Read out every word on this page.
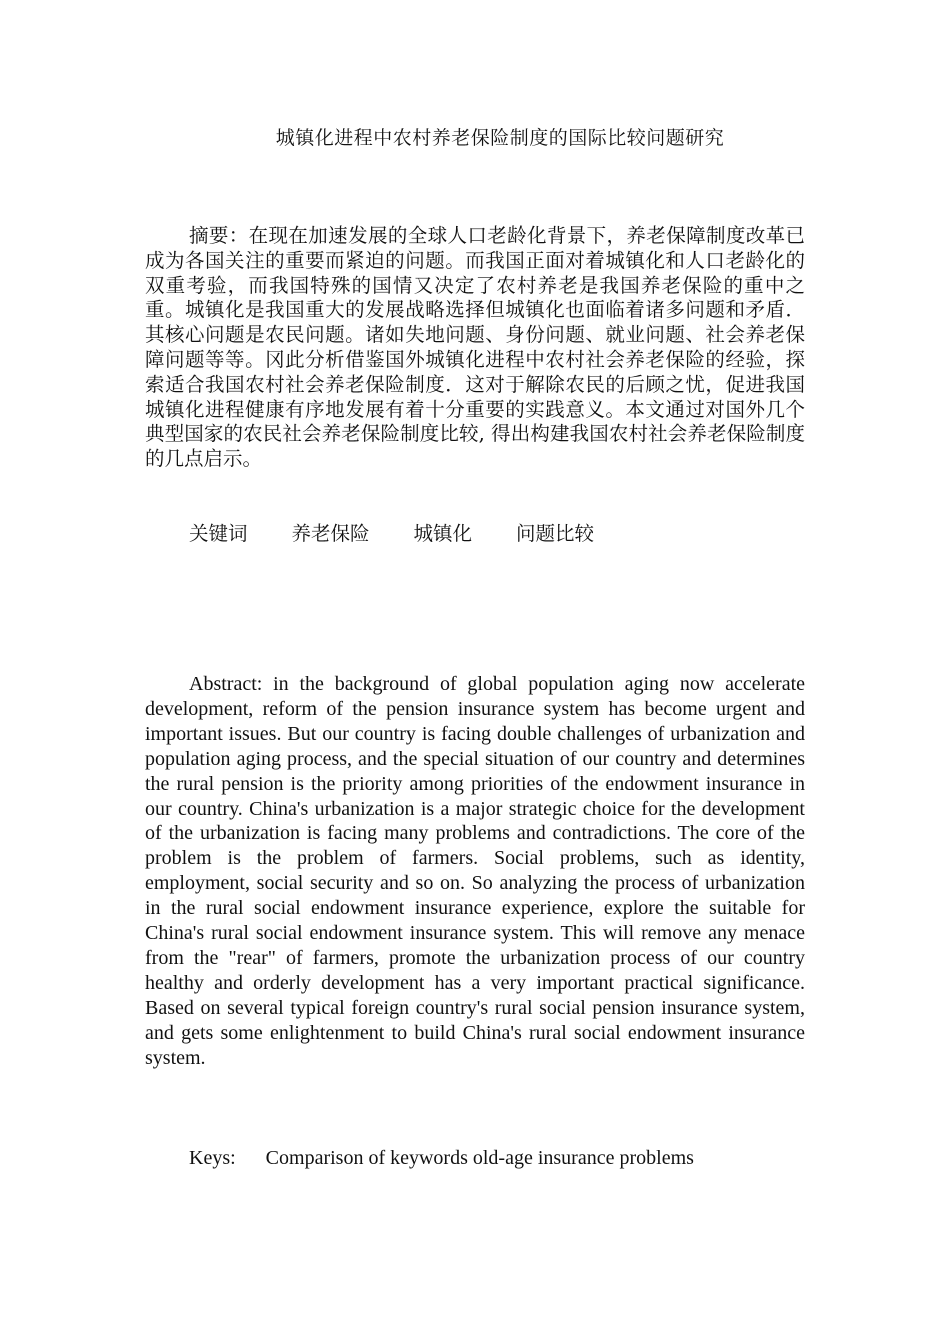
城镇化进程中农村养老保险制度的国际比较问题研究

摘要：在现在加速发展的全球人口老龄化背景下，养老保障制度改革已成为各国关注的重要而紧迫的问题。而我国正面对着城镇化和人口老龄化的双重考验，而我国特殊的国情又决定了农村养老是我国养老保险的重中之重。城镇化是我国重大的发展战略选择但城镇化也面临着诸多问题和矛盾．其核心问题是农民问题。诸如失地问题、身份问题、就业问题、社会养老保障问题等等。冈此分析借鉴国外城镇化进程中农村社会养老保险的经验，探索适合我国农村社会养老保险制度．这对于解除农民的后顾之忧，促进我国城镇化进程健康有序地发展有着十分重要的实践意义。本文通过对国外几个典型国家的农民社会养老保险制度比较, 得出构建我国农村社会养老保险制度的几点启示。

关键词 养老保险 城镇化 问题比较

Abstract: in the background of global population aging now accelerate development, reform of the pension insurance system has become urgent and important issues. But our country is facing double challenges of urbanization and population aging process, and the special situation of our country and determines the rural pension is the priority among priorities of the endowment insurance in our country. China's urbanization is a major strategic choice for the development of the urbanization is facing many problems and contradictions. The core of the problem is the problem of farmers. Social problems, such as identity, employment, social security and so on. So analyzing the process of urbanization in the rural social endowment insurance experience, explore the suitable for China's rural social endowment insurance system. This will remove any menace from the "rear" of farmers, promote the urbanization process of our country healthy and orderly development has a very important practical significance. Based on several typical foreign country's rural social pension insurance system, and gets some enlightenment to build China's rural social endowment insurance system.

Keys: Comparison of keywords old-age insurance problems
